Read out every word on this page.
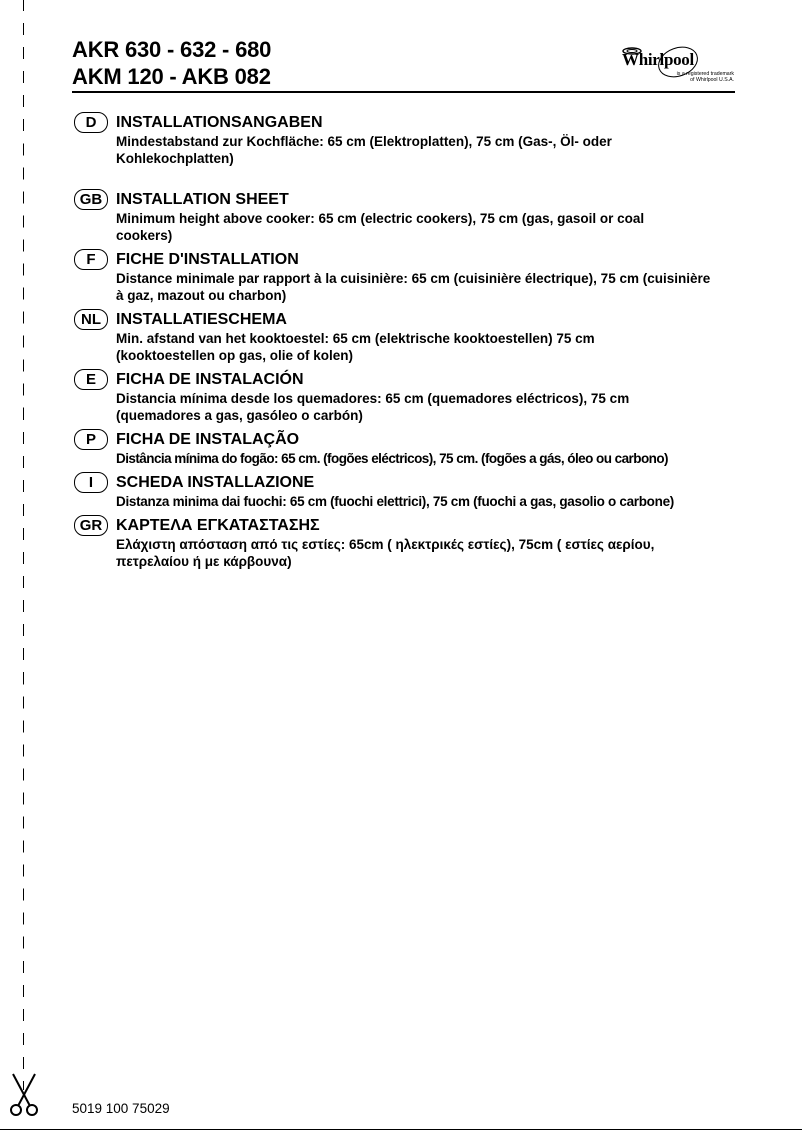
AKR 630 - 632 - 680
AKM 120 - AKB 082
Whirlpool
is a registered trademark
of Whirlpool U.S.A.
D	INSTALLATIONSANGABEN
Mindestabstand zur Kochfläche: 65 cm (Elektroplatten), 75 cm (Gas-, Öl- oder Kohlekochplatten)
GB INSTALLATION SHEET
Minimum height above cooker: 65 cm (electric cookers), 75 cm (gas, gasoil or coal cookers)
F	FICHE D'INSTALLATION
Distance minimale par rapport à la cuisinière: 65 cm (cuisinière électrique), 75 cm (cuisinière à gaz, mazout ou charbon)
NL INSTALLATIESCHEMA
Min. afstand van het kooktoestel: 65 cm (elektrische kooktoestellen) 75 cm (kooktoestellen op gas, olie of kolen)
E	FICHA DE INSTALACIÓN
Distancia mínima desde los quemadores: 65 cm (quemadores eléctricos), 75 cm (quemadores a gas, gasóleo o carbón)
P	FICHA DE INSTALAÇÃO
Distância mínima do fogão: 65 cm. (fogões eléctricos), 75 cm. (fogões a gás, óleo ou carbono)
I	SCHEDA INSTALLAZIONE
Distanza minima dai fuochi: 65 cm (fuochi elettrici), 75 cm (fuochi a gas, gasolio o carbone)
GR ΚΑΡΤΕΛΑ ΕΓΚΑΤΑΣΤΑΣΗΣ
Ελάχιστη απόσταση από τις εστίες: 65cm ( ηλεκτρικές εστίες), 75cm ( εστίες αερίου, πετρελαίου ή με κάρβουνα)
5019 100 75029
